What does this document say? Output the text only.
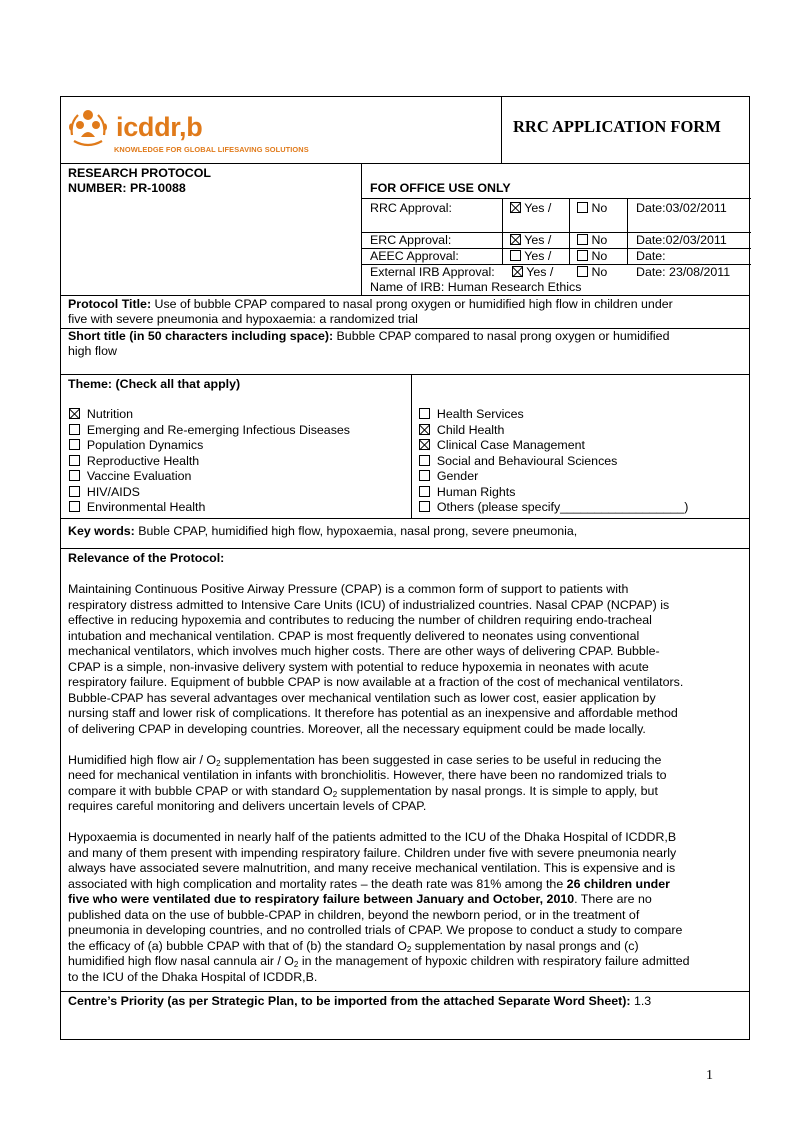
icddr,b
KNOWLEDGE FOR GLOBAL LIFESAVING SOLUTIONS
RRC APPLICATION FORM
RESEARCH PROTOCOL
NUMBER: PR-10088	FOR OFFICE USE ONLY
RRC Approval:	Yes /	No Date:03/02/2011
ERC Approval:	Yes /	No Date:02/03/2011
AEEC Approval:	Yes /	No Date:
External IRB Approval:	Yes /	No Date: 23/08/2011
Name of IRB: Human Research Ethics
Protocol Title: Use of bubble CPAP compared to nasal prong oxygen or humidified high flow in children under
five with severe pneumonia and hypoxaemia: a randomized trial
Short title (in 50 characters including space): Bubble CPAP compared to nasal prong oxygen or humidified
high flow
Theme: (Check all that apply)
Nutrition
Emerging and Re-emerging Infectious Diseases
Population Dynamics
Reproductive Health
Vaccine Evaluation
HIV/AIDS
Environmental Health
Health Services
Child Health
Clinical Case Management
Social and Behavioural Sciences
Gender
Human Rights
Others (please specify__________________)
Key words: Buble CPAP, humidified high flow, hypoxaemia, nasal prong, severe pneumonia,
Relevance of the Protocol:

Maintaining Continuous Positive Airway Pressure (CPAP) is a common form of support to patients with
respiratory distress admitted to Intensive Care Units (ICU) of industrialized countries. Nasal CPAP (NCPAP) is
effective in reducing hypoxemia and contributes to reducing the number of children requiring endo-tracheal
intubation and mechanical ventilation. CPAP is most frequently delivered to neonates using conventional
mechanical ventilators, which involves much higher costs. There are other ways of delivering CPAP. Bubble-
CPAP is a simple, non-invasive delivery system with potential to reduce hypoxemia in neonates with acute
respiratory failure. Equipment of bubble CPAP is now available at a fraction of the cost of mechanical ventilators.
Bubble-CPAP has several advantages over mechanical ventilation such as lower cost, easier application by
nursing staff and lower risk of complications. It therefore has potential as an inexpensive and affordable method
of delivering CPAP in developing countries. Moreover, all the necessary equipment could be made locally.

Humidified high flow air / $O_2$ supplementation has been suggested in case series to be useful in reducing the
need for mechanical ventilation in infants with bronchiolitis. However, there have been no randomized trials to
compare it with bubble CPAP or with standard $O_2$ supplementation by nasal prongs. It is simple to apply, but
requires careful monitoring and delivers uncertain levels of CPAP.

Hypoxaemia is documented in nearly half of the patients admitted to the ICU of the Dhaka Hospital of ICDDR,B
and many of them present with impending respiratory failure. Children under five with severe pneumonia nearly
always have associated severe malnutrition, and many receive mechanical ventilation. This is expensive and is
associated with high complication and mortality rates – the death rate was 81% among the 26 children under
five who were ventilated due to respiratory failure between January and October, 2010. There are no
published data on the use of bubble-CPAP in children, beyond the newborn period, or in the treatment of
pneumonia in developing countries, and no controlled trials of CPAP. We propose to conduct a study to compare
the efficacy of (a) bubble CPAP with that of (b) the standard $O_2$ supplementation by nasal prongs and (c)
humidified high flow nasal cannula air / $O_2$ in the management of hypoxic children with respiratory failure admitted
to the ICU of the Dhaka Hospital of ICDDR,B.

Centre’s Priority (as per Strategic Plan, to be imported from the attached Separate Word Sheet): 1.3
1
